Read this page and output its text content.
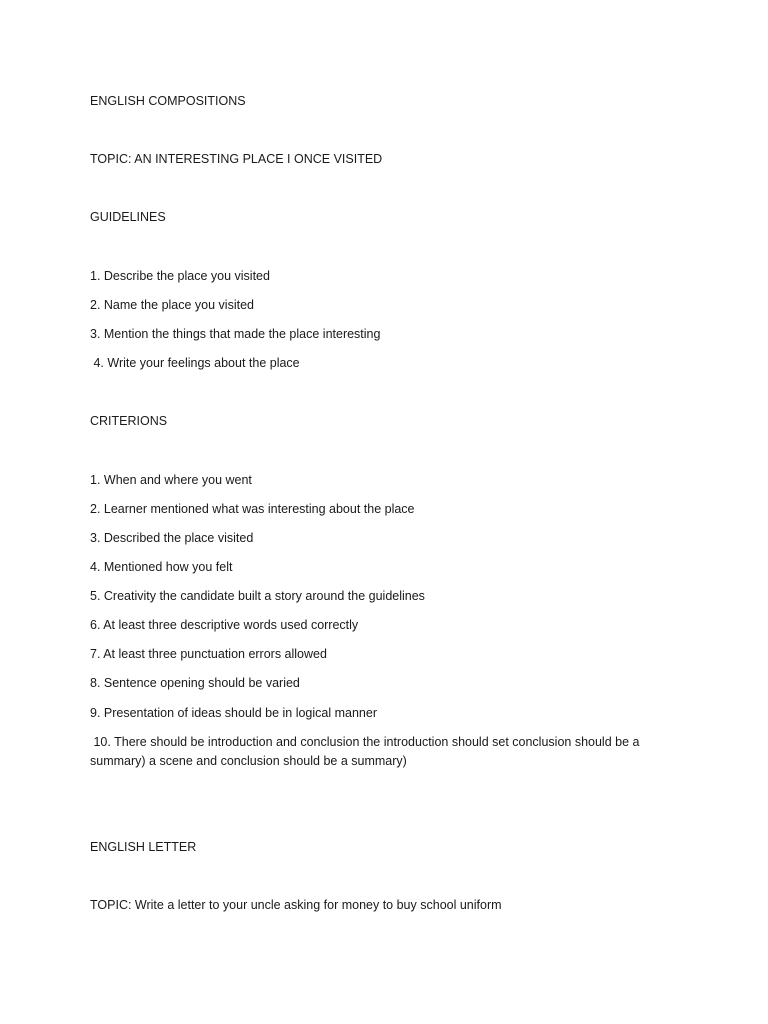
ENGLISH COMPOSITIONS

TOPIC: AN INTERESTING PLACE I ONCE VISITED

GUIDELINES

1. Describe the place you visited

2. Name the place you visited

3. Mention the things that made the place interesting

4. Write your feelings about the place

CRITERIONS

1. When and where you went

2. Learner mentioned what was interesting about the place

3. Described the place visited

4. Mentioned how you felt

5. Creativity the candidate built a story around the guidelines

6. At least three descriptive words used correctly

7. At least three punctuation errors allowed

8. Sentence opening should be varied

9. Presentation of ideas should be in logical manner

10. There should be introduction and conclusion the introduction should set conclusion should be a summary) a scene and conclusion should be a summary)

ENGLISH LETTER

TOPIC: Write a letter to your uncle asking for money to buy school uniform
